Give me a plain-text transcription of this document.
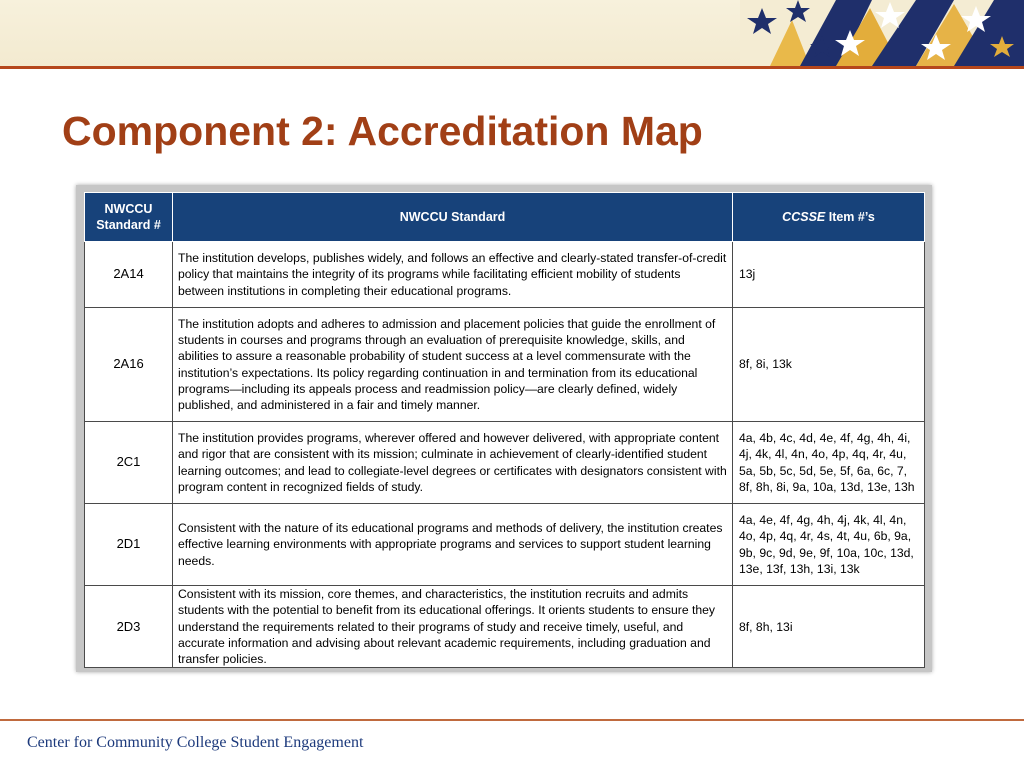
Component 2: Accreditation Map
NWCCU
Standard #	NWCCU Standard	CCSSE Item #’s
2A14	The institution develops, publishes widely, and follows an effective and clearly-stated transfer-of-credit policy that maintains the integrity of its programs while facilitating efficient mobility of students between institutions in completing their educational programs.	13j
2A16	The institution adopts and adheres to admission and placement policies that guide the enrollment of students in courses and programs through an evaluation of prerequisite knowledge, skills, and abilities to assure a reasonable probability of student success at a level commensurate with the institution’s expectations. Its policy regarding continuation in and termination from its educational programs—including its appeals process and readmission policy—are clearly defined, widely published, and administered in a fair and timely manner.	8f, 8i, 13k
2C1	The institution provides programs, wherever offered and however delivered, with appropriate content and rigor that are consistent with its mission; culminate in achievement of clearly-identified student learning outcomes; and lead to collegiate-level degrees or certificates with designators consistent with program content in recognized fields of study.	4a, 4b, 4c, 4d, 4e, 4f, 4g, 4h, 4i, 4j, 4k, 4l, 4n, 4o, 4p, 4q, 4r, 4u, 5a, 5b, 5c, 5d, 5e, 5f, 6a, 6c, 7, 8f, 8h, 8i, 9a, 10a, 13d, 13e, 13h
2D1	Consistent with the nature of its educational programs and methods of delivery, the institution creates effective learning environments with appropriate programs and services to support student learning needs.	4a, 4e, 4f, 4g, 4h, 4j, 4k, 4l, 4n, 4o, 4p, 4q, 4r, 4s, 4t, 4u, 6b, 9a, 9b, 9c, 9d, 9e, 9f, 10a, 10c, 13d, 13e, 13f, 13h, 13i, 13k
2D3	Consistent with its mission, core themes, and characteristics, the institution recruits and admits students with the potential to benefit from its educational offerings. It orients students to ensure they understand the requirements related to their programs of study and receive timely, useful, and accurate information and advising about relevant academic requirements, including graduation and transfer policies.	8f, 8h, 13i
Center for Community College Student Engagement
